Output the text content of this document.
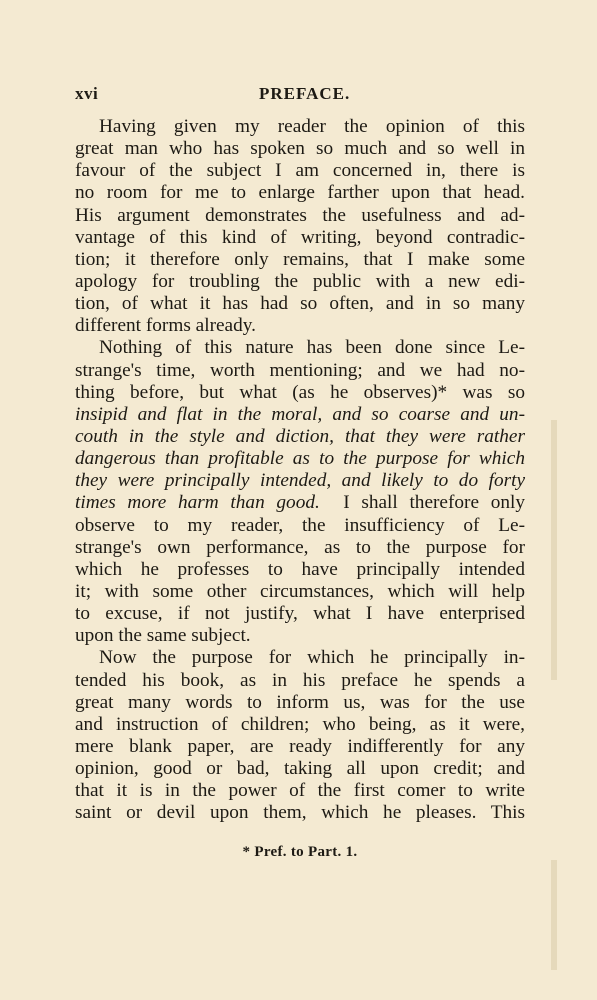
xvi	PREFACE.
Having given my reader the opinion of this
great man who has spoken so much and so well in
favour of the subject I am concerned in, there is
no room for me to enlarge farther upon that head.
His argument demonstrates the usefulness and ad-
vantage of this kind of writing, beyond contradic-
tion; it therefore only remains, that I make some
apology for troubling the public with a new edi-
tion, of what it has had so often, and in so many
different forms already.
Nothing of this nature has been done since Le-
strange's time, worth mentioning; and we had no-
thing before, but what (as he observes)* was so
insipid and flat in the moral, and so coarse and un-
couth in the style and diction, that they were rather
dangerous than profitable as to the purpose for which
they were principally intended, and likely to do forty
times more harm than good.  I shall therefore only
observe to my reader, the insufficiency of Le-
strange's own performance, as to the purpose for
which he professes to have principally intended
it; with some other circumstances, which will help
to excuse, if not justify, what I have enterprised
upon the same subject.
Now the purpose for which he principally in-
tended his book, as in his preface he spends a
great many words to inform us, was for the use
and instruction of children; who being, as it were,
mere blank paper, are ready indifferently for any
opinion, good or bad, taking all upon credit; and
that it is in the power of the first comer to write
saint or devil upon them, which he pleases. This
* Pref. to Part. 1.
